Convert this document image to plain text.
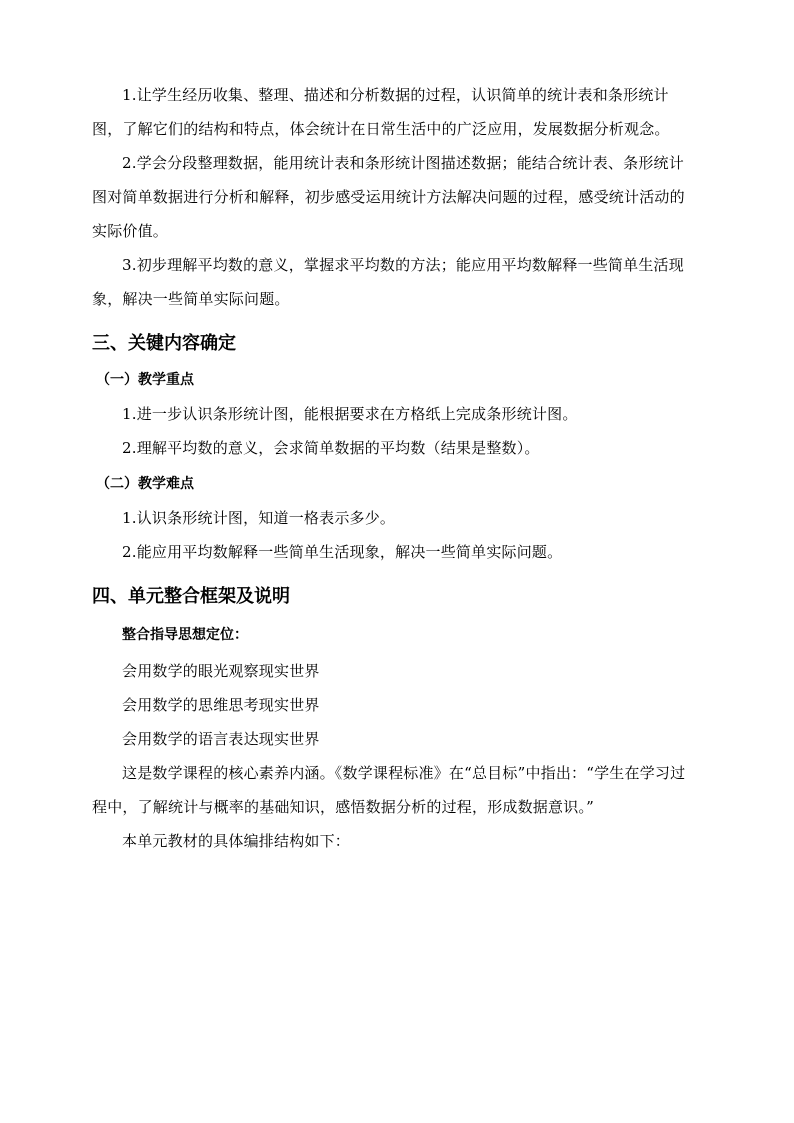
1.让学生经历收集、整理、描述和分析数据的过程，认识简单的统计表和条形统计图，了解它们的结构和特点，体会统计在日常生活中的广泛应用，发展数据分析观念。

2.学会分段整理数据，能用统计表和条形统计图描述数据；能结合统计表、条形统计图对简单数据进行分析和解释，初步感受运用统计方法解决问题的过程，感受统计活动的实际价值。

3.初步理解平均数的意义，掌握求平均数的方法；能应用平均数解释一些简单生活现象，解决一些简单实际问题。

三、关键内容确定
（一）教学重点

1.进一步认识条形统计图，能根据要求在方格纸上完成条形统计图。

2.理解平均数的意义，会求简单数据的平均数（结果是整数）。

（二）教学难点

1.认识条形统计图，知道一格表示多少。

2.能应用平均数解释一些简单生活现象，解决一些简单实际问题。

四、单元整合框架及说明
整合指导思想定位：

会用数学的眼光观察现实世界

会用数学的思维思考现实世界

会用数学的语言表达现实世界

这是数学课程的核心素养内涵。《数学课程标准》在“总目标”中指出：“学生在学习过程中，了解统计与概率的基础知识，感悟数据分析的过程，形成数据意识。”

本单元教材的具体编排结构如下：
